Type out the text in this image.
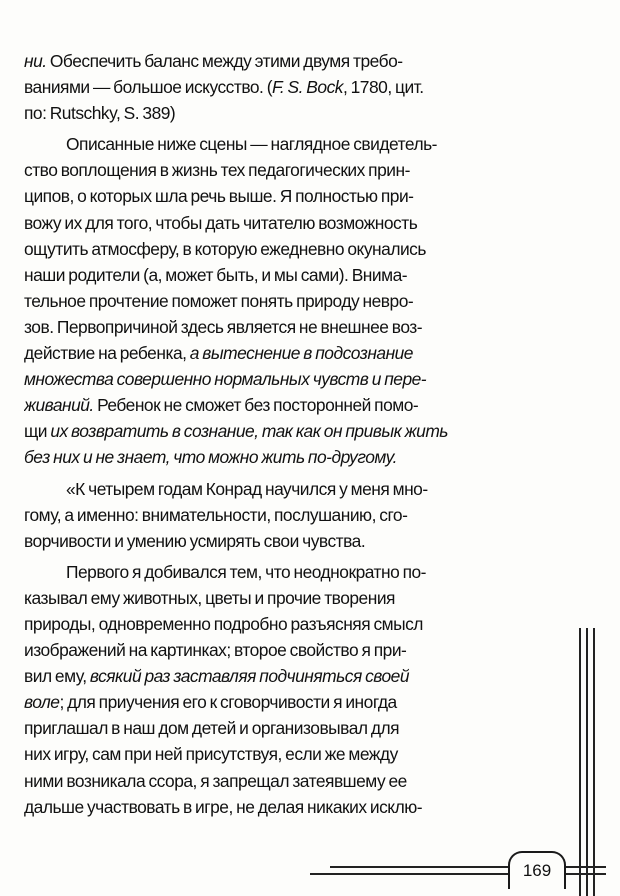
ни. Обеспечить баланс между этими двумя требо-
ваниями — большое искусство. (F. S. Bock, 1780, цит.
по: Rutschky, S. 389)
Описанные ниже сцены — наглядное свидетель-
ство воплощения в жизнь тех педагогических прин-
ципов, о которых шла речь выше. Я полностью при-
вожу их для того, чтобы дать читателю возможность
ощутить атмосферу, в которую ежедневно окунались
наши родители (а, может быть, и мы сами). Внима-
тельное прочтение поможет понять природу невро-
зов. Первопричиной здесь является не внешнее воз-
действие на ребенка, а вытеснение в подсознание
множества совершенно нормальных чувств и пере-
живаний. Ребенок не сможет без посторонней помо-
щи их возвратить в сознание, так как он привык жить
без них и не знает, что можно жить по-другому.
«К четырем годам Конрад научился у меня мно-
гому, а именно: внимательности, послушанию, сго-
ворчивости и умению усмирять свои чувства.
Первого я добивался тем, что неоднократно по-
казывал ему животных, цветы и прочие творения
природы, одновременно подробно разъясняя смысл
изображений на картинках; второе свойство я при-
вил ему, всякий раз заставляя подчиняться своей
воле; для приучения его к сговорчивости я иногда
приглашал в наш дом детей и организовывал для
них игру, сам при ней присутствуя, если же между
ними возникала ссора, я запрещал затеявшему ее
дальше участвовать в игре, не делая никаких исклю-
169
